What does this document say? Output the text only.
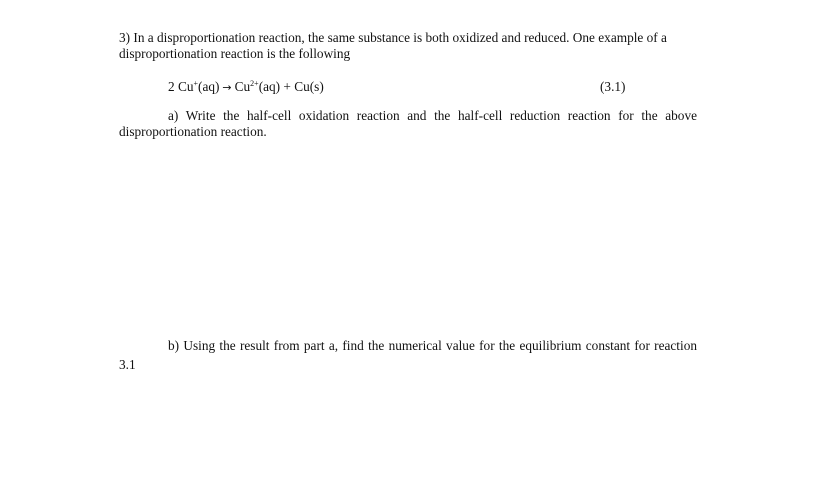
3) In a disproportionation reaction, the same substance is both oxidized and reduced. One example of a
disproportionation reaction is the following
2 $Cu^+(aq) \to Cu^{2+}(aq) + Cu(s)$	(3.1)
a) Write the half-cell oxidation reaction and the half-cell reduction reaction for the above
disproportionation reaction.
b) Using the result from part a, find the numerical value for the equilibrium constant for reaction
3.1
